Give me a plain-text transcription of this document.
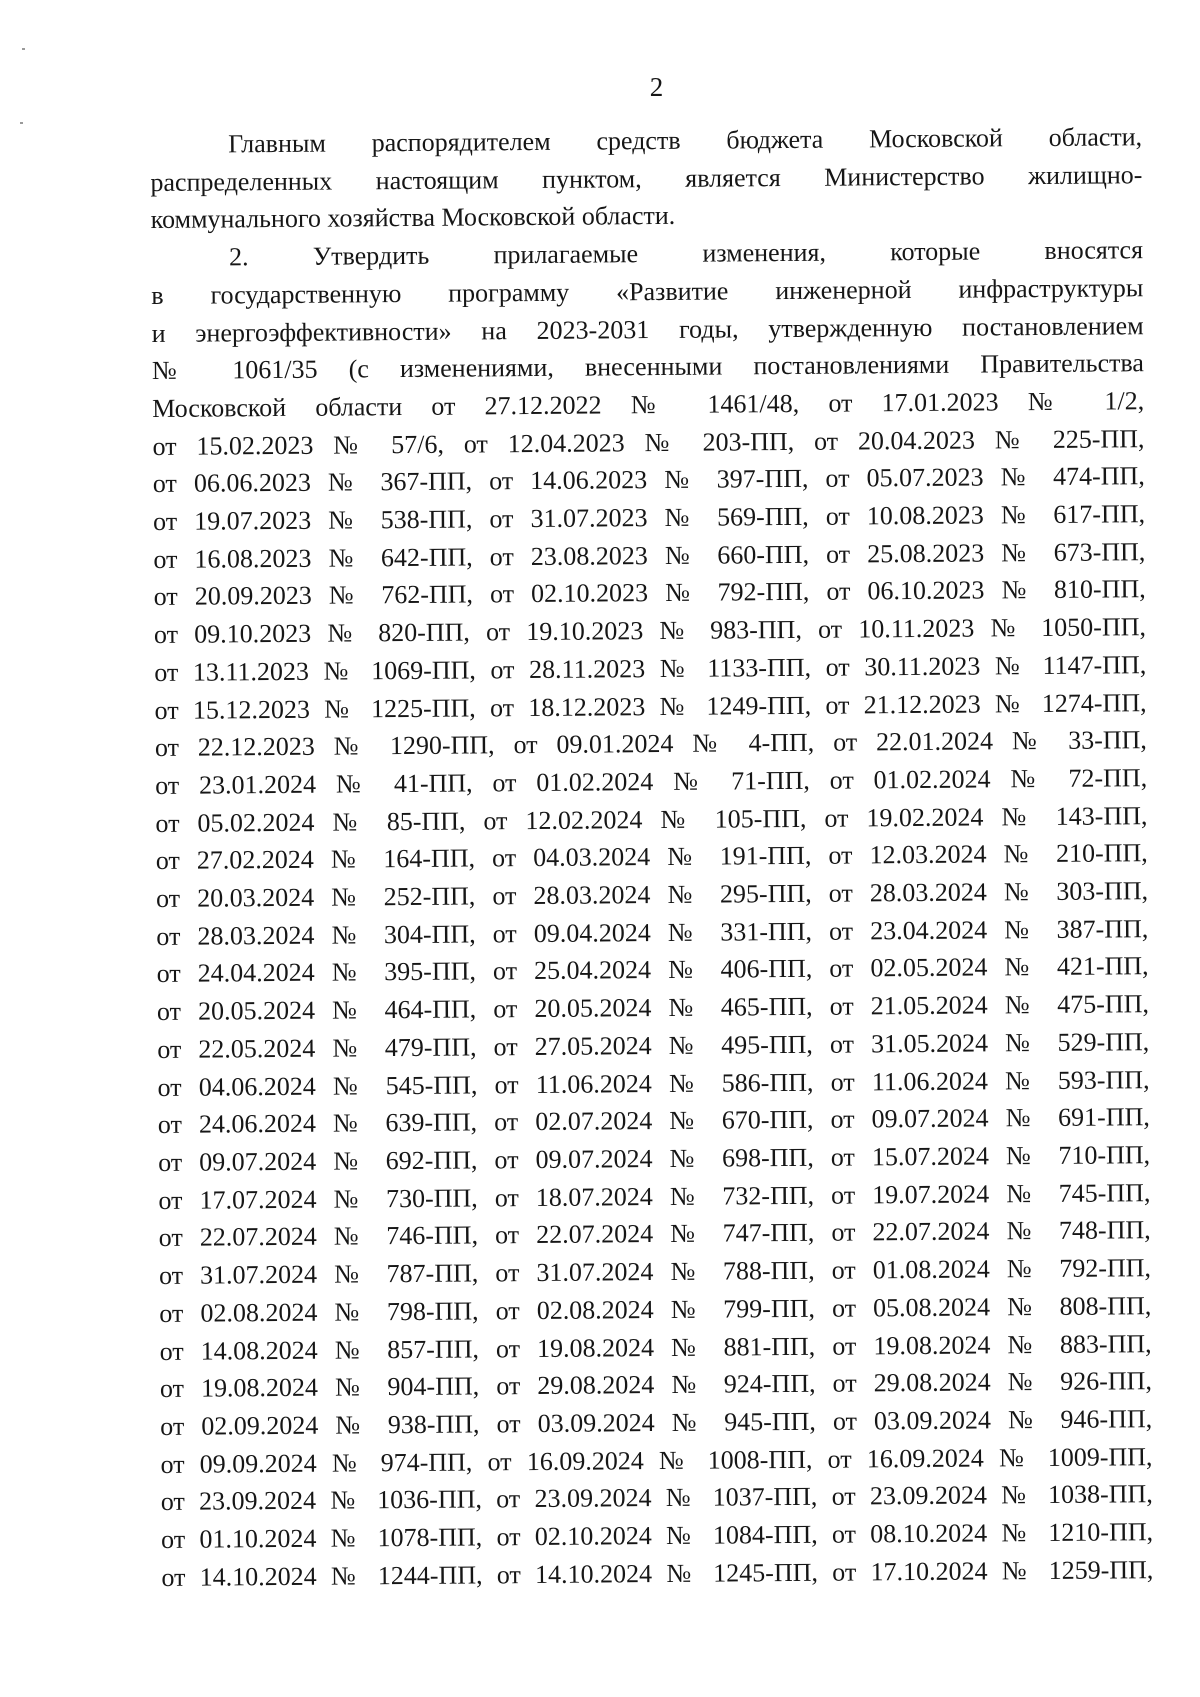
2
Главным распорядителем средств бюджета Московской области,
распределенных настоящим пунктом, является Министерство жилищно-
коммунального хозяйства Московской области.
2. Утвердить прилагаемые изменения, которые вносятся
в государственную программу «Развитие инженерной инфраструктуры
и энергоэффективности» на 2023-2031 годы, утвержденную постановлением
№ 1061/35 (с изменениями, внесенными постановлениями Правительства
Московской области от 27.12.2022 № 1461/48, от 17.01.2023 № 1/2,
от 15.02.2023 № 57/6, от 12.04.2023 № 203-ПП, от 20.04.2023 № 225-ПП,
от 06.06.2023 № 367-ПП, от 14.06.2023 № 397-ПП, от 05.07.2023 № 474-ПП,
от 19.07.2023 № 538-ПП, от 31.07.2023 № 569-ПП, от 10.08.2023 № 617-ПП,
от 16.08.2023 № 642-ПП, от 23.08.2023 № 660-ПП, от 25.08.2023 № 673-ПП,
от 20.09.2023 № 762-ПП, от 02.10.2023 № 792-ПП, от 06.10.2023 № 810-ПП,
от 09.10.2023 № 820-ПП, от 19.10.2023 № 983-ПП, от 10.11.2023 № 1050-ПП,
от 13.11.2023 № 1069-ПП, от 28.11.2023 № 1133-ПП, от 30.11.2023 № 1147-ПП,
от 15.12.2023 № 1225-ПП, от 18.12.2023 № 1249-ПП, от 21.12.2023 № 1274-ПП,
от 22.12.2023 № 1290-ПП, от 09.01.2024 № 4-ПП, от 22.01.2024 № 33-ПП,
от 23.01.2024 № 41-ПП, от 01.02.2024 № 71-ПП, от 01.02.2024 № 72-ПП,
от 05.02.2024 № 85-ПП, от 12.02.2024 № 105-ПП, от 19.02.2024 № 143-ПП,
от 27.02.2024 № 164-ПП, от 04.03.2024 № 191-ПП, от 12.03.2024 № 210-ПП,
от 20.03.2024 № 252-ПП, от 28.03.2024 № 295-ПП, от 28.03.2024 № 303-ПП,
от 28.03.2024 № 304-ПП, от 09.04.2024 № 331-ПП, от 23.04.2024 № 387-ПП,
от 24.04.2024 № 395-ПП, от 25.04.2024 № 406-ПП, от 02.05.2024 № 421-ПП,
от 20.05.2024 № 464-ПП, от 20.05.2024 № 465-ПП, от 21.05.2024 № 475-ПП,
от 22.05.2024 № 479-ПП, от 27.05.2024 № 495-ПП, от 31.05.2024 № 529-ПП,
от 04.06.2024 № 545-ПП, от 11.06.2024 № 586-ПП, от 11.06.2024 № 593-ПП,
от 24.06.2024 № 639-ПП, от 02.07.2024 № 670-ПП, от 09.07.2024 № 691-ПП,
от 09.07.2024 № 692-ПП, от 09.07.2024 № 698-ПП, от 15.07.2024 № 710-ПП,
от 17.07.2024 № 730-ПП, от 18.07.2024 № 732-ПП, от 19.07.2024 № 745-ПП,
от 22.07.2024 № 746-ПП, от 22.07.2024 № 747-ПП, от 22.07.2024 № 748-ПП,
от 31.07.2024 № 787-ПП, от 31.07.2024 № 788-ПП, от 01.08.2024 № 792-ПП,
от 02.08.2024 № 798-ПП, от 02.08.2024 № 799-ПП, от 05.08.2024 № 808-ПП,
от 14.08.2024 № 857-ПП, от 19.08.2024 № 881-ПП, от 19.08.2024 № 883-ПП,
от 19.08.2024 № 904-ПП, от 29.08.2024 № 924-ПП, от 29.08.2024 № 926-ПП,
от 02.09.2024 № 938-ПП, от 03.09.2024 № 945-ПП, от 03.09.2024 № 946-ПП,
от 09.09.2024 № 974-ПП, от 16.09.2024 № 1008-ПП, от 16.09.2024 № 1009-ПП,
от 23.09.2024 № 1036-ПП, от 23.09.2024 № 1037-ПП, от 23.09.2024 № 1038-ПП,
от 01.10.2024 № 1078-ПП, от 02.10.2024 № 1084-ПП, от 08.10.2024 № 1210-ПП,
от 14.10.2024 № 1244-ПП, от 14.10.2024 № 1245-ПП, от 17.10.2024 № 1259-ПП,
